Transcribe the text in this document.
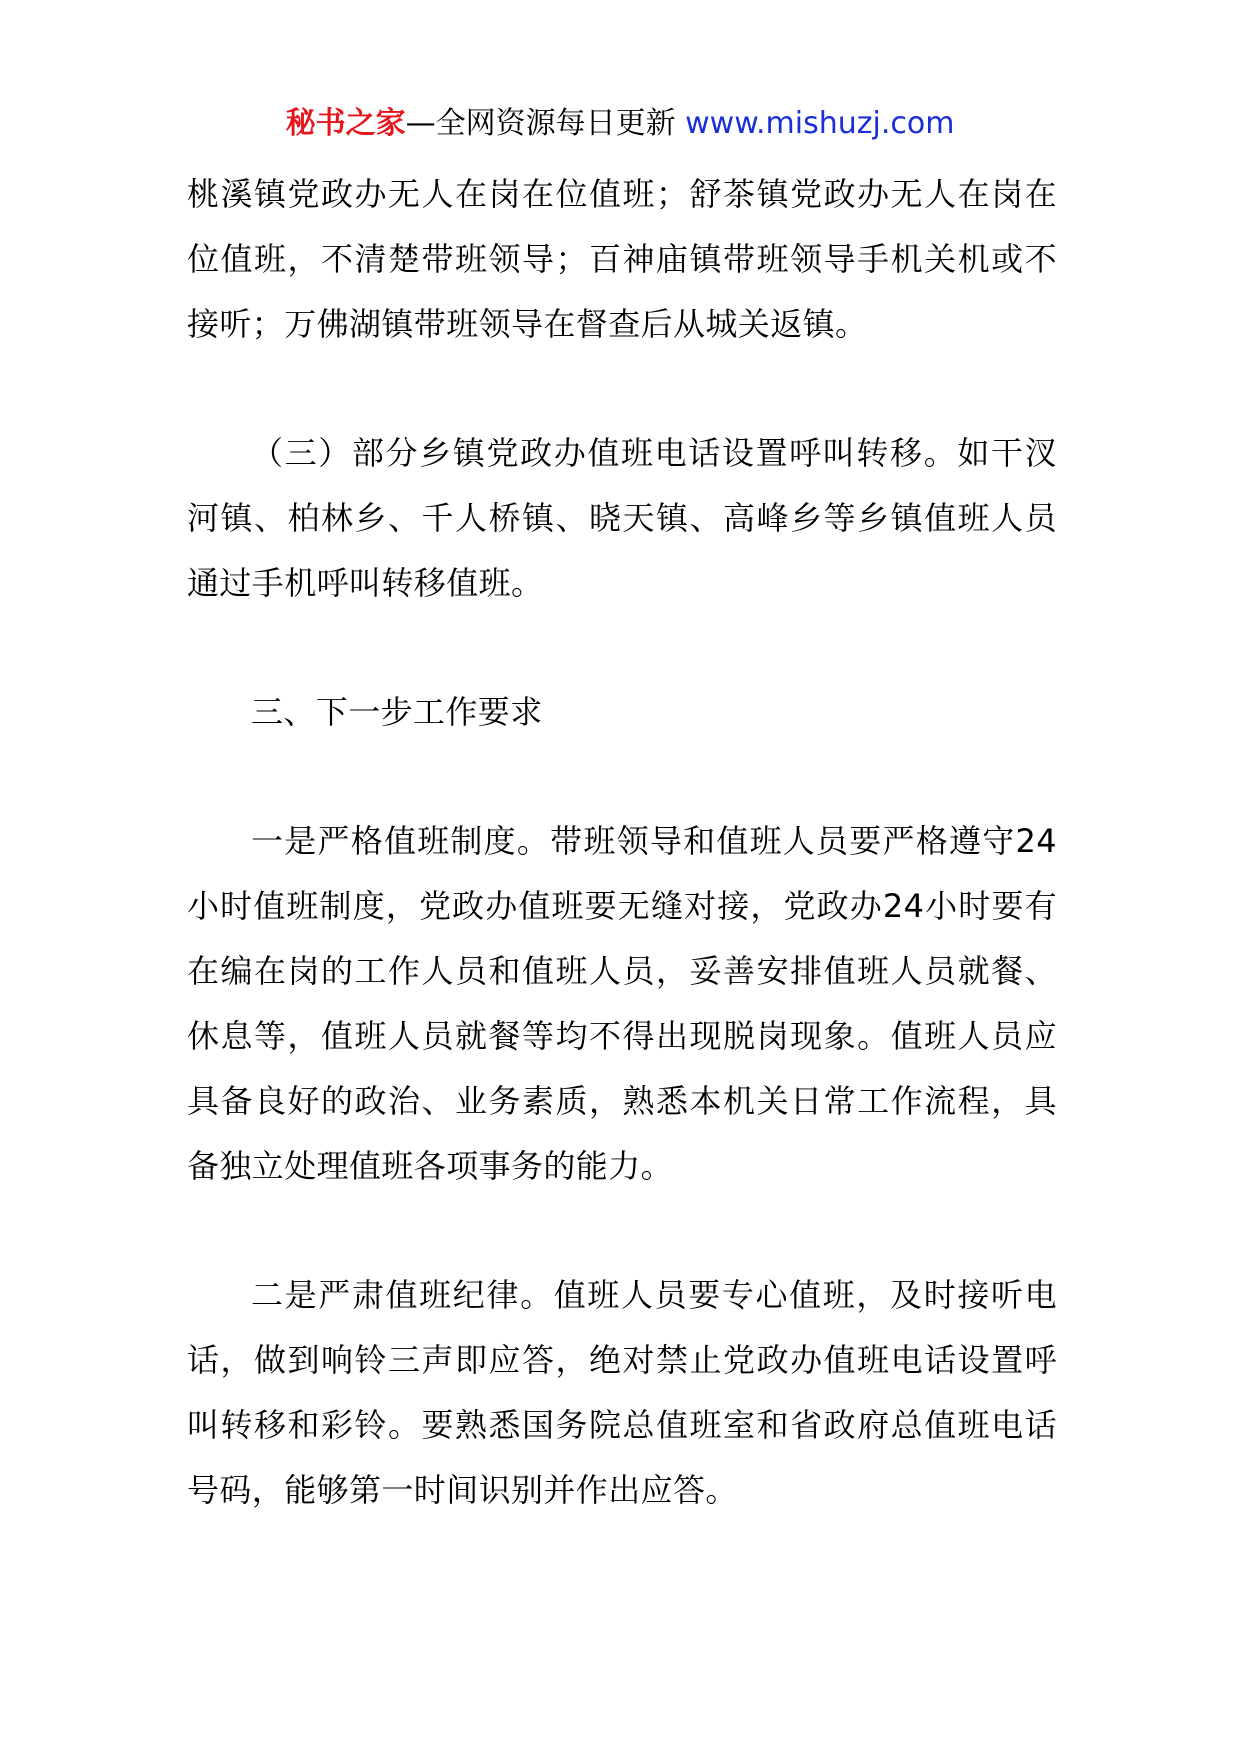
秘书之家—全网资源每日更新 www.mishuzj.com

桃溪镇党政办无人在岗在位值班；舒茶镇党政办无人在岗在位值班，不清楚带班领导；百神庙镇带班领导手机关机或不接听；万佛湖镇带班领导在督查后从城关返镇。

（三）部分乡镇党政办值班电话设置呼叫转移。如干汊河镇、柏林乡、千人桥镇、晓天镇、高峰乡等乡镇值班人员通过手机呼叫转移值班。

三、下一步工作要求

一是严格值班制度。带班领导和值班人员要严格遵守24小时值班制度，党政办值班要无缝对接，党政办24小时要有在编在岗的工作人员和值班人员，妥善安排值班人员就餐、休息等，值班人员就餐等均不得出现脱岗现象。值班人员应具备良好的政治、业务素质，熟悉本机关日常工作流程，具备独立处理值班各项事务的能力。

二是严肃值班纪律。值班人员要专心值班，及时接听电话，做到响铃三声即应答，绝对禁止党政办值班电话设置呼叫转移和彩铃。要熟悉国务院总值班室和省政府总值班电话号码，能够第一时间识别并作出应答。
